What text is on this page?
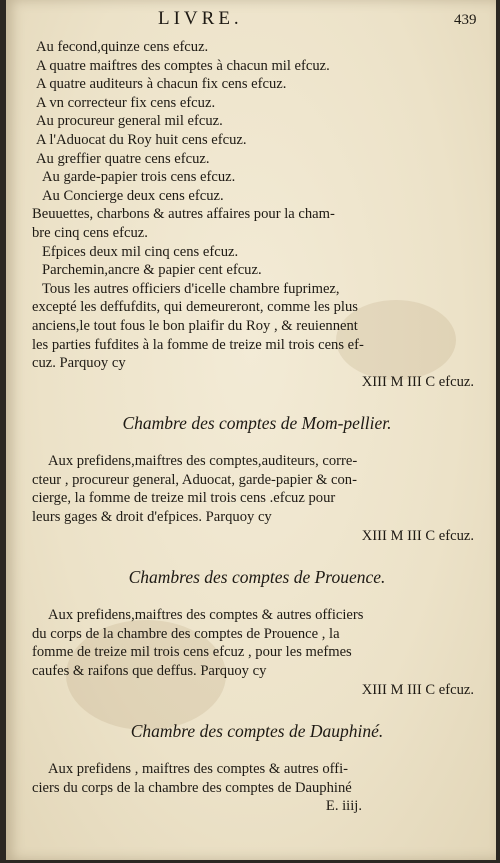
LIVRE.	439
Au fecond,quinze cens efcuz.
A quatre maiftres des comptes à chacun mil efcuz.
A quatre auditeurs à chacun fix cens efcuz.
A vn correcteur fix cens efcuz.
Au procureur general mil efcuz.
A l'Aduocat du Roy huit cens efcuz.
Au greffier quatre cens efcuz.
Au garde-papier trois cens efcuz.
Au Concierge deux cens efcuz.
Beuuettes, charbons & autres affaires pour la cham-
bre cinq cens efcuz.
Efpices deux mil cinq cens efcuz.
Parchemin,ancre & papier cent efcuz.
Tous les autres officiers d'icelle chambre fuprimez,
excepté les deffufdits, qui demeureront, comme les plus
anciens,le tout fous le bon plaifir du Roy , & reuiennent
les parties fufdites à la fomme de treize mil trois cens ef-
cuz. Parquoy cy
XIII M III C efcuz.
Chambre des comptes de Mom-pellier.
Aux prefidens,maiftres des comptes,auditeurs, corre-
cteur , procureur general, Aduocat, garde-papier & con-
cierge, la fomme de treize mil trois cens .efcuz pour
leurs gages & droit d'efpices. Parquoy cy
XIII M III C efcuz.
Chambres des comptes de Prouence.
Aux prefidens,maiftres des comptes & autres officiers
du corps de la chambre des comptes de Prouence , la
fomme de treize mil trois cens efcuz , pour les mefmes
caufes & raifons que deffus. Parquoy cy
XIII M III C efcuz.
Chambre des comptes de Dauphiné.
Aux prefidens , maiftres des comptes & autres offi-
ciers du corps de la chambre des comptes de Dauphiné
E. iiij.
